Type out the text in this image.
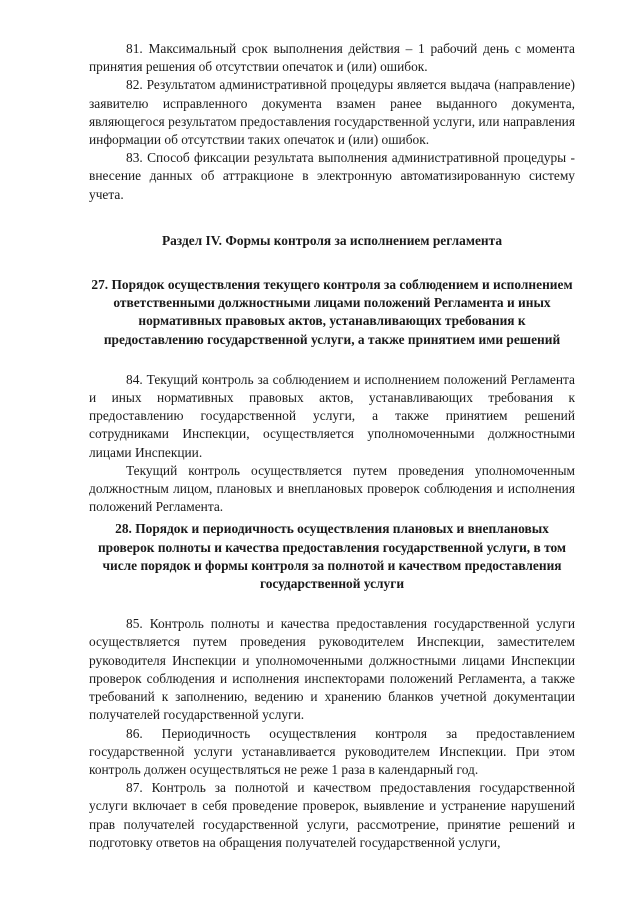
81. Максимальный срок выполнения действия – 1 рабочий день с момента принятия решения об отсутствии опечаток и (или) ошибок.

82. Результатом административной процедуры является выдача (направление) заявителю исправленного документа взамен ранее выданного документа, являющегося результатом предоставления государственной услуги, или направления информации об отсутствии таких опечаток и (или) ошибок.

83. Способ фиксации результата выполнения административной процедуры - внесение данных об аттракционе в электронную автоматизированную систему учета.

Раздел IV. Формы контроля за исполнением регламента

27. Порядок осуществления текущего контроля за соблюдением и исполнением ответственными должностными лицами положений Регламента и иных нормативных правовых актов, устанавливающих требования к предоставлению государственной услуги, а также принятием ими решений

84. Текущий контроль за соблюдением и исполнением положений Регламента и иных нормативных правовых актов, устанавливающих требования к предоставлению государственной услуги, а также принятием решений сотрудниками Инспекции, осуществляется уполномоченными должностными лицами Инспекции.

Текущий контроль осуществляется путем проведения уполномоченным должностным лицом, плановых и внеплановых проверок соблюдения и исполнения положений Регламента.

28. Порядок и периодичность осуществления плановых и внеплановых проверок полноты и качества предоставления государственной услуги, в том числе порядок и формы контроля за полнотой и качеством предоставления государственной услуги

85. Контроль полноты и качества предоставления государственной услуги осуществляется путем проведения руководителем Инспекции, заместителем руководителя Инспекции и уполномоченными должностными лицами Инспекции проверок соблюдения и исполнения инспекторами положений Регламента, а также требований к заполнению, ведению и хранению бланков учетной документации получателей государственной услуги.

86. Периодичность осуществления контроля за предоставлением государственной услуги устанавливается руководителем Инспекции. При этом контроль должен осуществляться не реже 1 раза в календарный год.

87. Контроль за полнотой и качеством предоставления государственной услуги включает в себя проведение проверок, выявление и устранение нарушений прав получателей государственной услуги, рассмотрение, принятие решений и подготовку ответов на обращения получателей государственной услуги,
